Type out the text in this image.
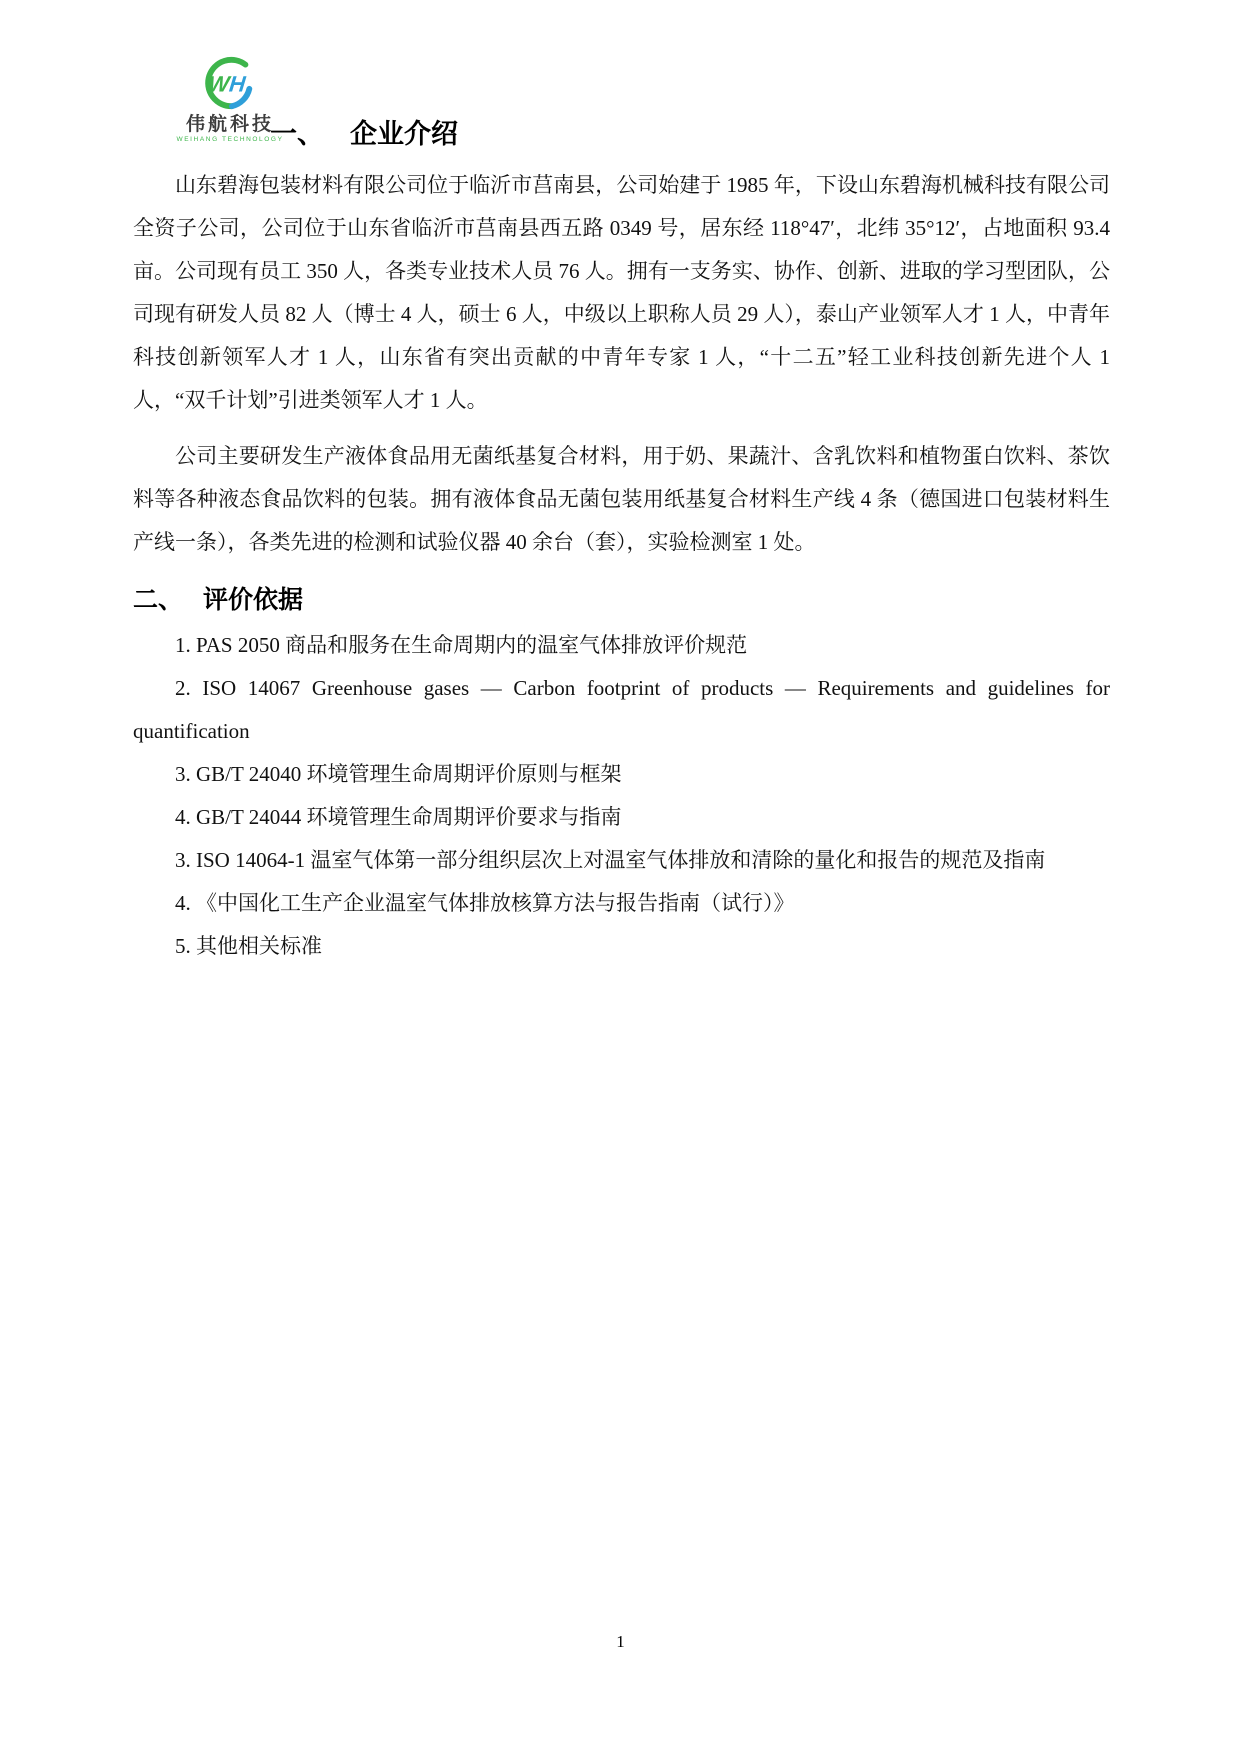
WH
伟航科技
WEIHANG TECHNOLOGY
一、 企业介绍

山东碧海包装材料有限公司位于临沂市莒南县，公司始建于 1985 年，下设山东碧海机械科技有限公司全资子公司，公司位于山东省临沂市莒南县西五路 0349 号，居东经 118°47′，北纬 35°12′，占地面积 93.4 亩。公司现有员工 350 人，各类专业技术人员 76 人。拥有一支务实、协作、创新、进取的学习型团队，公司现有研发人员 82 人（博士 4 人，硕士 6 人，中级以上职称人员 29 人），泰山产业领军人才 1 人，中青年科技创新领军人才 1 人，山东省有突出贡献的中青年专家 1 人，“十二五”轻工业科技创新先进个人 1 人，“双千计划”引进类领军人才 1 人。

公司主要研发生产液体食品用无菌纸基复合材料，用于奶、果蔬汁、含乳饮料和植物蛋白饮料、茶饮料等各种液态食品饮料的包装。拥有液体食品无菌包装用纸基复合材料生产线 4 条（德国进口包装材料生产线一条），各类先进的检测和试验仪器 40 余台（套），实验检测室 1 处。

二、 评价依据

1. PAS 2050 商品和服务在生命周期内的温室气体排放评价规范

2. ISO 14067 Greenhouse gases — Carbon footprint of products — Requirements and guidelines for quantification

3. GB/T 24040 环境管理生命周期评价原则与框架

4. GB/T 24044 环境管理生命周期评价要求与指南

3. ISO 14064-1 温室气体第一部分组织层次上对温室气体排放和清除的量化和报告的规范及指南

4. 《中国化工生产企业温室气体排放核算方法与报告指南（试行）》

5. 其他相关标准

1
